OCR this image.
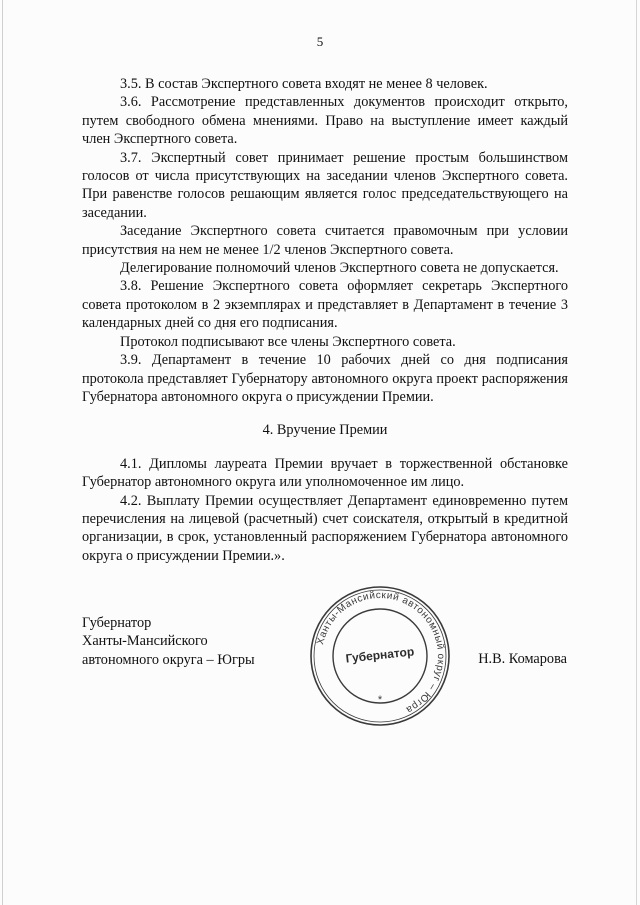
5

3.5. В состав Экспертного совета входят не менее 8 человек.

3.6. Рассмотрение представленных документов происходит открыто, путем свободного обмена мнениями. Право на выступление имеет каждый член Экспертного совета.

3.7. Экспертный совет принимает решение простым большинством голосов от числа присутствующих на заседании членов Экспертного совета. При равенстве голосов решающим является голос председательствующего на заседании.

Заседание Экспертного совета считается правомочным при условии присутствия на нем не менее 1/2 членов Экспертного совета.

Делегирование полномочий членов Экспертного совета не допускается.

3.8. Решение Экспертного совета оформляет секретарь Экспертного совета протоколом в 2 экземплярах и представляет в Департамент в течение 3 календарных дней со дня его подписания.

Протокол подписывают все члены Экспертного совета.

3.9. Департамент в течение 10 рабочих дней со дня подписания протокола представляет Губернатору автономного округа проект распоряжения Губернатора автономного округа о присуждении Премии.

4. Вручение Премии

4.1. Дипломы лауреата Премии вручает в торжественной обстановке Губернатор автономного округа или уполномоченное им лицо.

4.2. Выплату Премии осуществляет Департамент единовременно путем перечисления на лицевой (расчетный) счет соискателя, открытый в кредитной организации, в срок, установленный распоряжением Губернатора автономного округа о присуждении Премии.».

Губернатор
Ханты-Мансийского
автономного округа – Югры
Ханты-Мансийский автономный округ – Югра
Губернатор
*
Н.В. Комарова
